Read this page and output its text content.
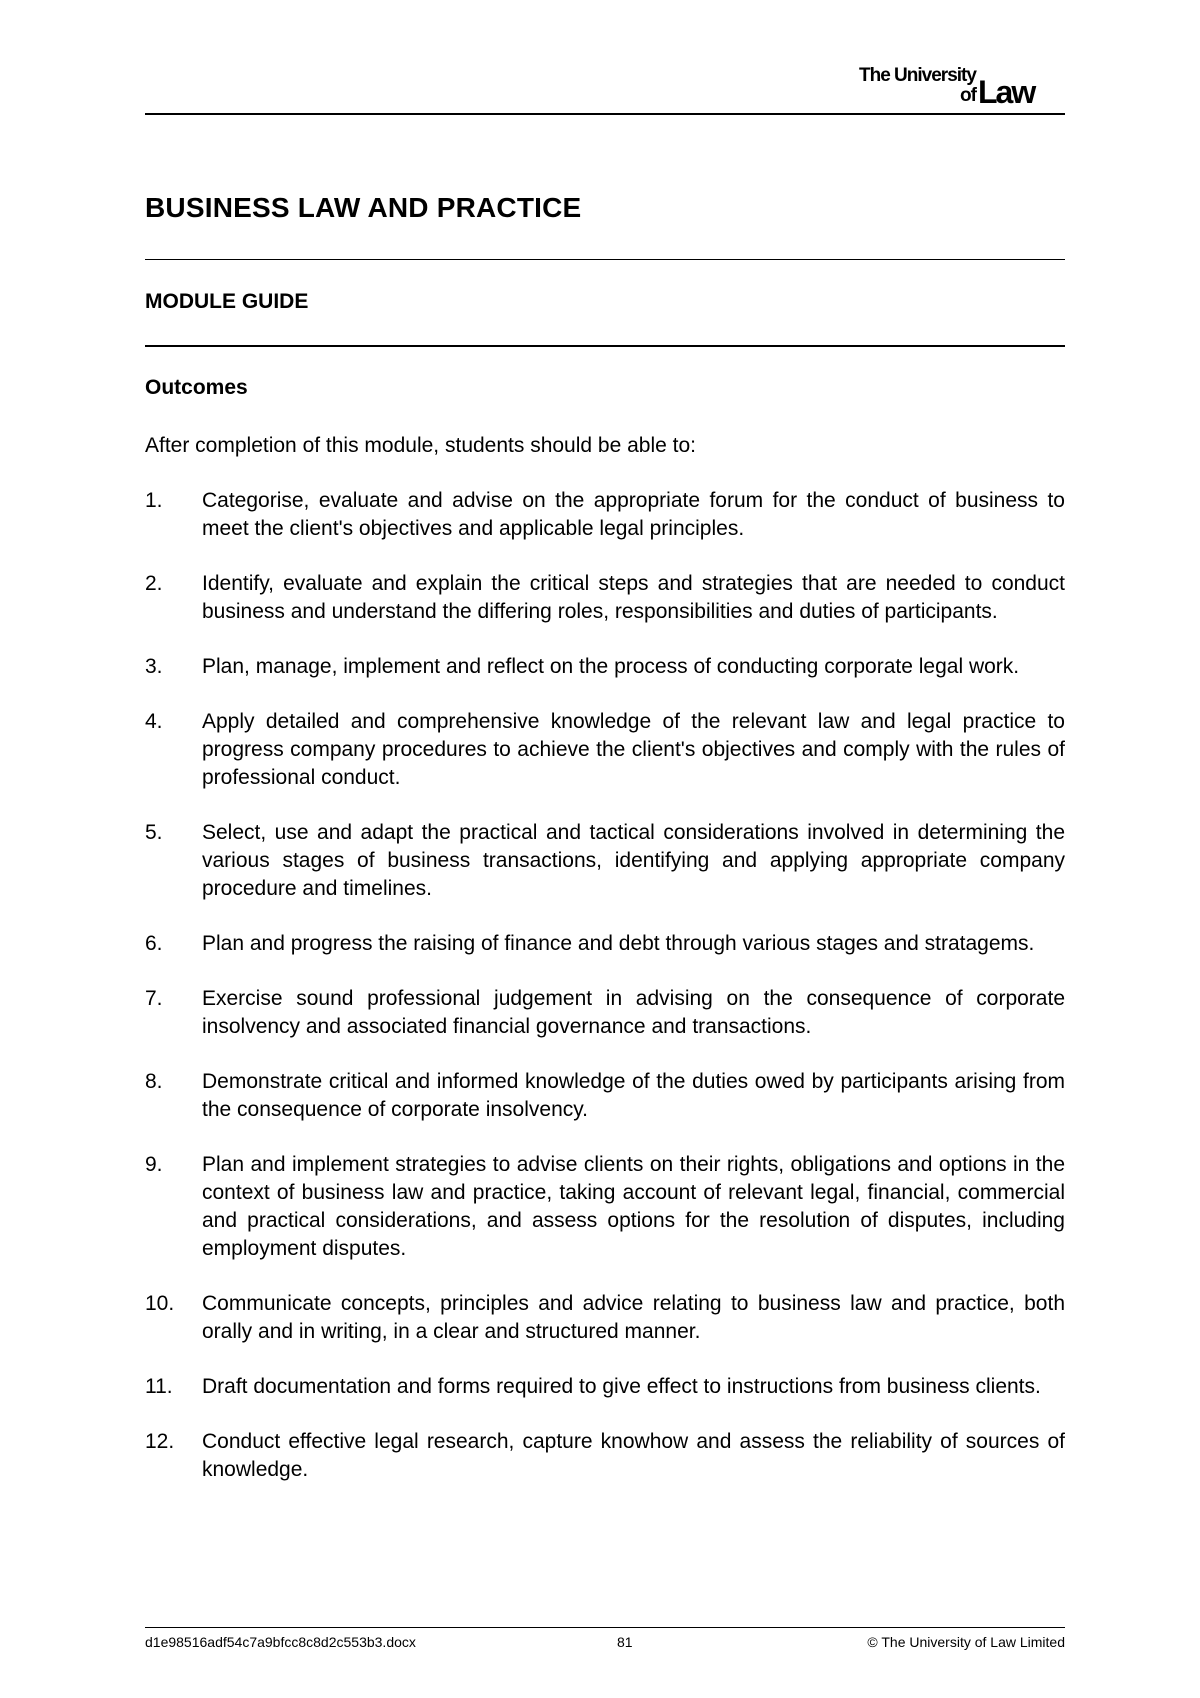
The University
of Law
BUSINESS LAW AND PRACTICE
MODULE GUIDE
Outcomes

After completion of this module, students should be able to:

1.	Categorise, evaluate and advise on the appropriate forum for the conduct of business to meet the client's objectives and applicable legal principles.
2.	Identify, evaluate and explain the critical steps and strategies that are needed to conduct business and understand the differing roles, responsibilities and duties of participants.
3.	Plan, manage, implement and reflect on the process of conducting corporate legal work.
4.	Apply detailed and comprehensive knowledge of the relevant law and legal practice to progress company procedures to achieve the client's objectives and comply with the rules of professional conduct.
5.	Select, use and adapt the practical and tactical considerations involved in determining the various stages of business transactions, identifying and applying appropriate company procedure and timelines.
6.	Plan and progress the raising of finance and debt through various stages and stratagems.
7.	Exercise sound professional judgement in advising on the consequence of corporate insolvency and associated financial governance and transactions.
8.	Demonstrate critical and informed knowledge of the duties owed by participants arising from the consequence of corporate insolvency.
9.	Plan and implement strategies to advise clients on their rights, obligations and options in the context of business law and practice, taking account of relevant legal, financial, commercial and practical considerations, and assess options for the resolution of disputes, including employment disputes.
10.	Communicate concepts, principles and advice relating to business law and practice, both orally and in writing, in a clear and structured manner.
11.	Draft documentation and forms required to give effect to instructions from business clients.
12.	Conduct effective legal research, capture knowhow and assess the reliability of sources of knowledge.
d1e98516adf54c7a9bfcc8c8d2c553b3.docx	81	© The University of Law Limited
